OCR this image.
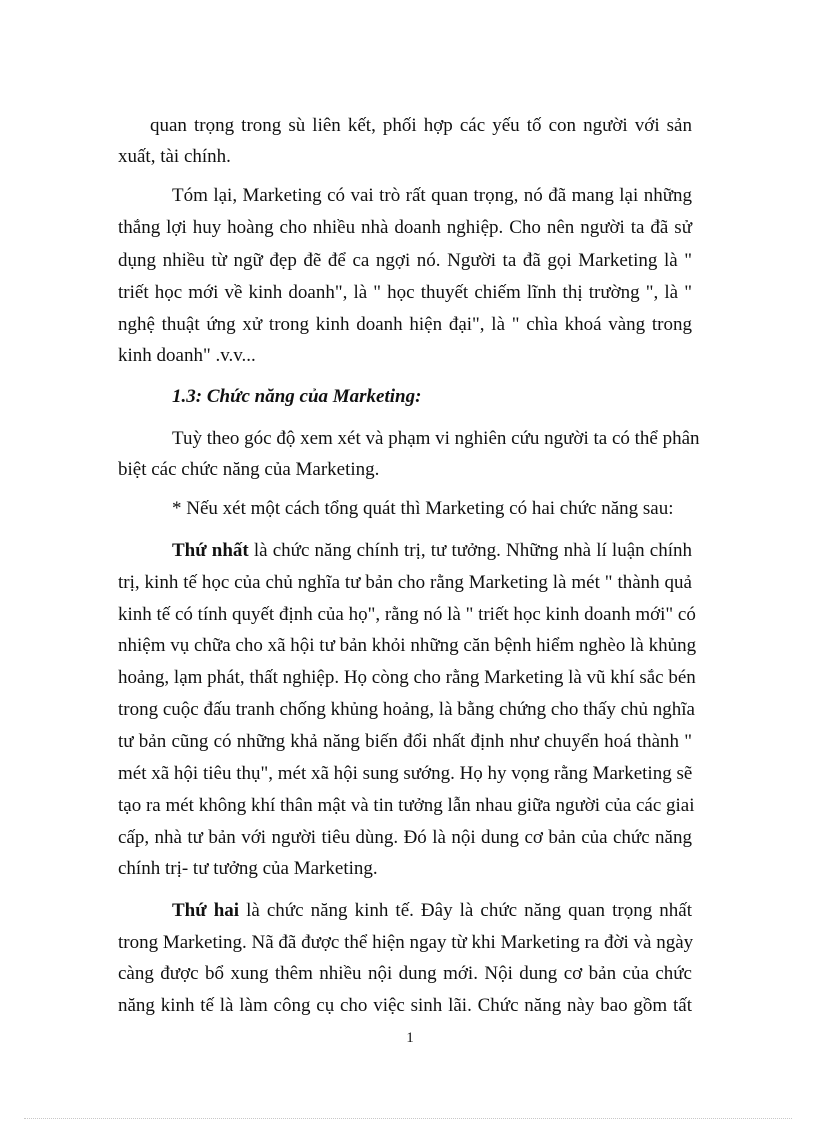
quan trọng trong sù liên kết, phối hợp các yếu tố con người với sản
xuất, tài chính.
Tóm lại, Marketing có vai trò rất quan trọng, nó đã mang lại những
thắng lợi huy hoàng cho nhiều nhà doanh nghiệp. Cho nên người ta đã sử
dụng nhiều từ ngữ đẹp đẽ để ca ngợi nó. Người ta đã gọi Marketing là "
triết học mới về kinh doanh", là " học thuyết chiếm lĩnh thị trường ", là "
nghệ thuật ứng xử trong kinh doanh hiện đại", là " chìa khoá vàng trong
kinh doanh" .v.v...
1.3: Chức năng của Marketing:
Tuỳ theo góc độ xem xét và phạm vi nghiên cứu người ta có thể phân
biệt các chức năng của Marketing.
* Nếu xét một cách tổng quát thì Marketing có hai chức năng sau:
Thứ nhất là chức năng chính trị, tư tưởng. Những nhà lí luận chính
trị, kinh tế học của chủ nghĩa tư bản cho rằng Marketing là mét " thành quả
kinh tế có tính quyết định của họ", rằng nó là " triết học kinh doanh mới" có
nhiệm vụ chữa cho xã hội tư bản khỏi những căn bệnh hiểm nghèo là khủng
hoảng, lạm phát, thất nghiệp. Họ còng cho rằng Marketing là vũ khí sắc bén
trong cuộc đấu tranh chống khủng hoảng, là bằng chứng cho thấy chủ nghĩa
tư bản cũng có những khả năng biến đổi nhất định như chuyển hoá thành "
mét xã hội tiêu thụ", mét xã hội sung sướng. Họ hy vọng rằng Marketing sẽ
tạo ra mét không khí thân mật và tin tưởng lẫn nhau giữa người của các giai
cấp, nhà tư bản với người tiêu dùng. Đó là nội dung cơ bản của chức năng
chính trị- tư tưởng của Marketing.
Thứ hai là chức năng kinh tế. Đây là chức năng quan trọng nhất
trong Marketing. Nã đã được thể hiện ngay từ khi Marketing ra đời và ngày
càng được bổ xung thêm nhiều nội dung mới. Nội dung cơ bản của chức
năng kinh tế là làm công cụ cho việc sinh lãi. Chức năng này bao gồm tất
1
